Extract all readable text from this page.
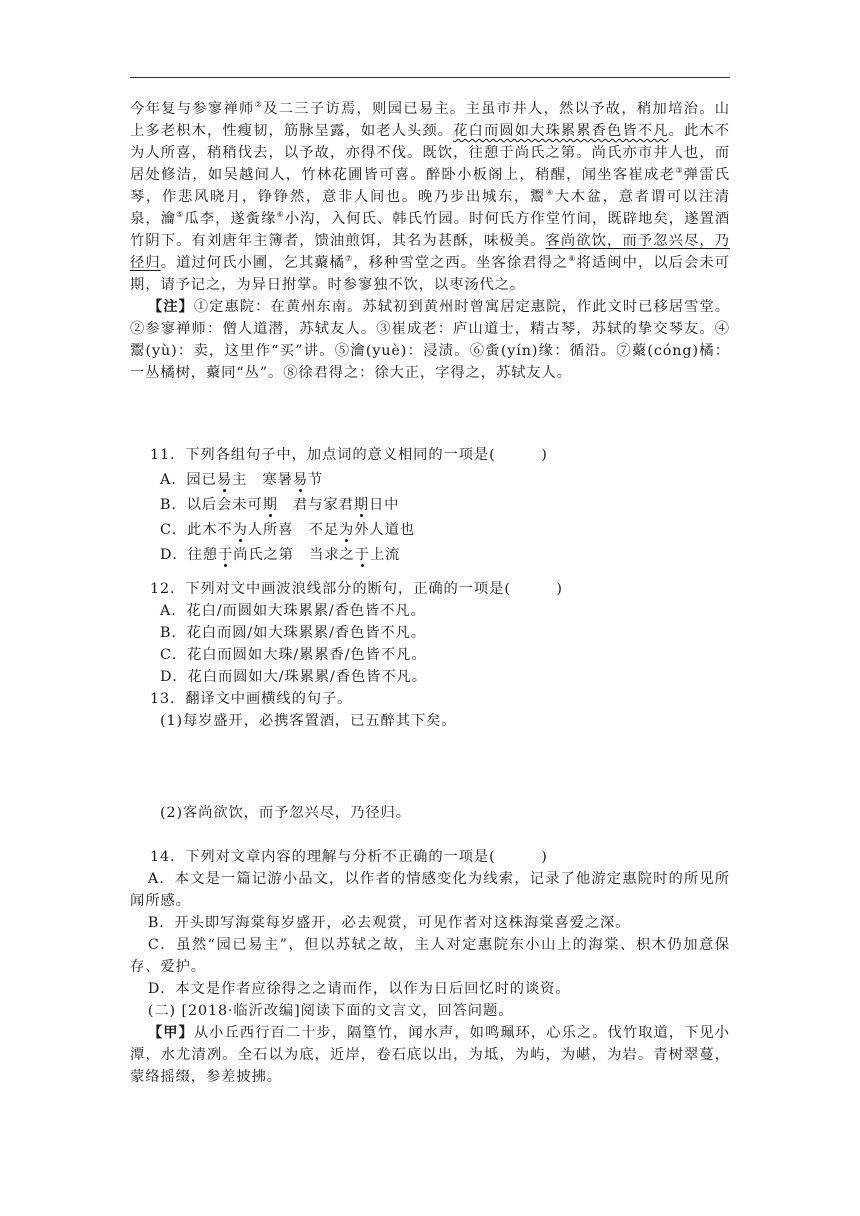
今年复与参寥禅师②及二三子访焉，则园已易主。主虽市井人，然以予故，稍加培治。山上多老枳木，性瘦韧，筋脉呈露，如老人头颈。花白而圆如大珠累累香色皆不凡。此木不为人所喜，稍稍伐去，以予故，亦得不伐。既饮，往憩于尚氏之第。尚氏亦市井人也，而居处修洁，如吴越间人，竹林花圃皆可喜。醉卧小板阁上，稍醒，闻坐客崔成老③弹雷氏琴，作悲风晓月，铮铮然，意非人间也。晚乃步出城东，鬻④大木盆，意者谓可以注清泉，瀹⑤瓜李，遂夤缘⑥小沟，入何氏、韩氏竹园。时何氏方作堂竹间，既辟地矣，遂置酒竹阴下。有刘唐年主簿者，馈油煎饵，其名为甚酥，味极美。客尚欲饮，而予忽兴尽，乃径归。道过何氏小圃，乞其藂橘⑦，移种雪堂之西。坐客徐君得之⑧将适闽中，以后会未可期，请予记之，为异日拊掌。时参寥独不饮，以枣汤代之。

【注】①定惠院：在黄州东南。苏轼初到黄州时曾寓居定惠院，作此文时已移居雪堂。②参寥禅师：僧人道潜，苏轼友人。③崔成老：庐山道士，精古琴，苏轼的挚交琴友。④鬻(yù)：卖，这里作“买”讲。⑤瀹(yuè)：浸渍。⑥夤(yín)缘：循沿。⑦藂(cóng)橘：一丛橘树，藂同“丛”。⑧徐君得之：徐大正，字得之，苏轼友人。

11．下列各组句子中，加点词的意义相同的一项是(　　　)
A．园已易主　寒暑易节
B．以后会未可期　君与家君期日中
C．此木不为人所喜　不足为外人道也
D．往憩于尚氏之第　当求之于上流
12．下列对文中画波浪线部分的断句，正确的一项是(　　　)
A．花白/而圆如大珠累累/香色皆不凡。
B．花白而圆/如大珠累累/香色皆不凡。
C．花白而圆如大珠/累累香/色皆不凡。
D．花白而圆如大/珠累累/香色皆不凡。
13．翻译文中画横线的句子。
(1)每岁盛开，必携客置酒，已五醉其下矣。
(2)客尚欲饮，而予忽兴尽，乃径归。
14．下列对文章内容的理解与分析不正确的一项是(　　　)

A．本文是一篇记游小品文，以作者的情感变化为线索，记录了他游定惠院时的所见所闻所感。

B．开头即写海棠每岁盛开，必去观赏，可见作者对这株海棠喜爱之深。

C．虽然“园已易主”，但以苏轼之故，主人对定惠院东小山上的海棠、枳木仍加意保存、爱护。

D．本文是作者应徐得之之请而作，以作为日后回忆时的谈资。

(二) [2018·临沂改编]阅读下面的文言文，回答问题。

【甲】从小丘西行百二十步，隔篁竹，闻水声，如鸣珮环，心乐之。伐竹取道，下见小潭，水尤清冽。全石以为底，近岸，卷石底以出，为坻，为屿，为嵁，为岩。青树翠蔓，蒙络摇缀，参差披拂。
